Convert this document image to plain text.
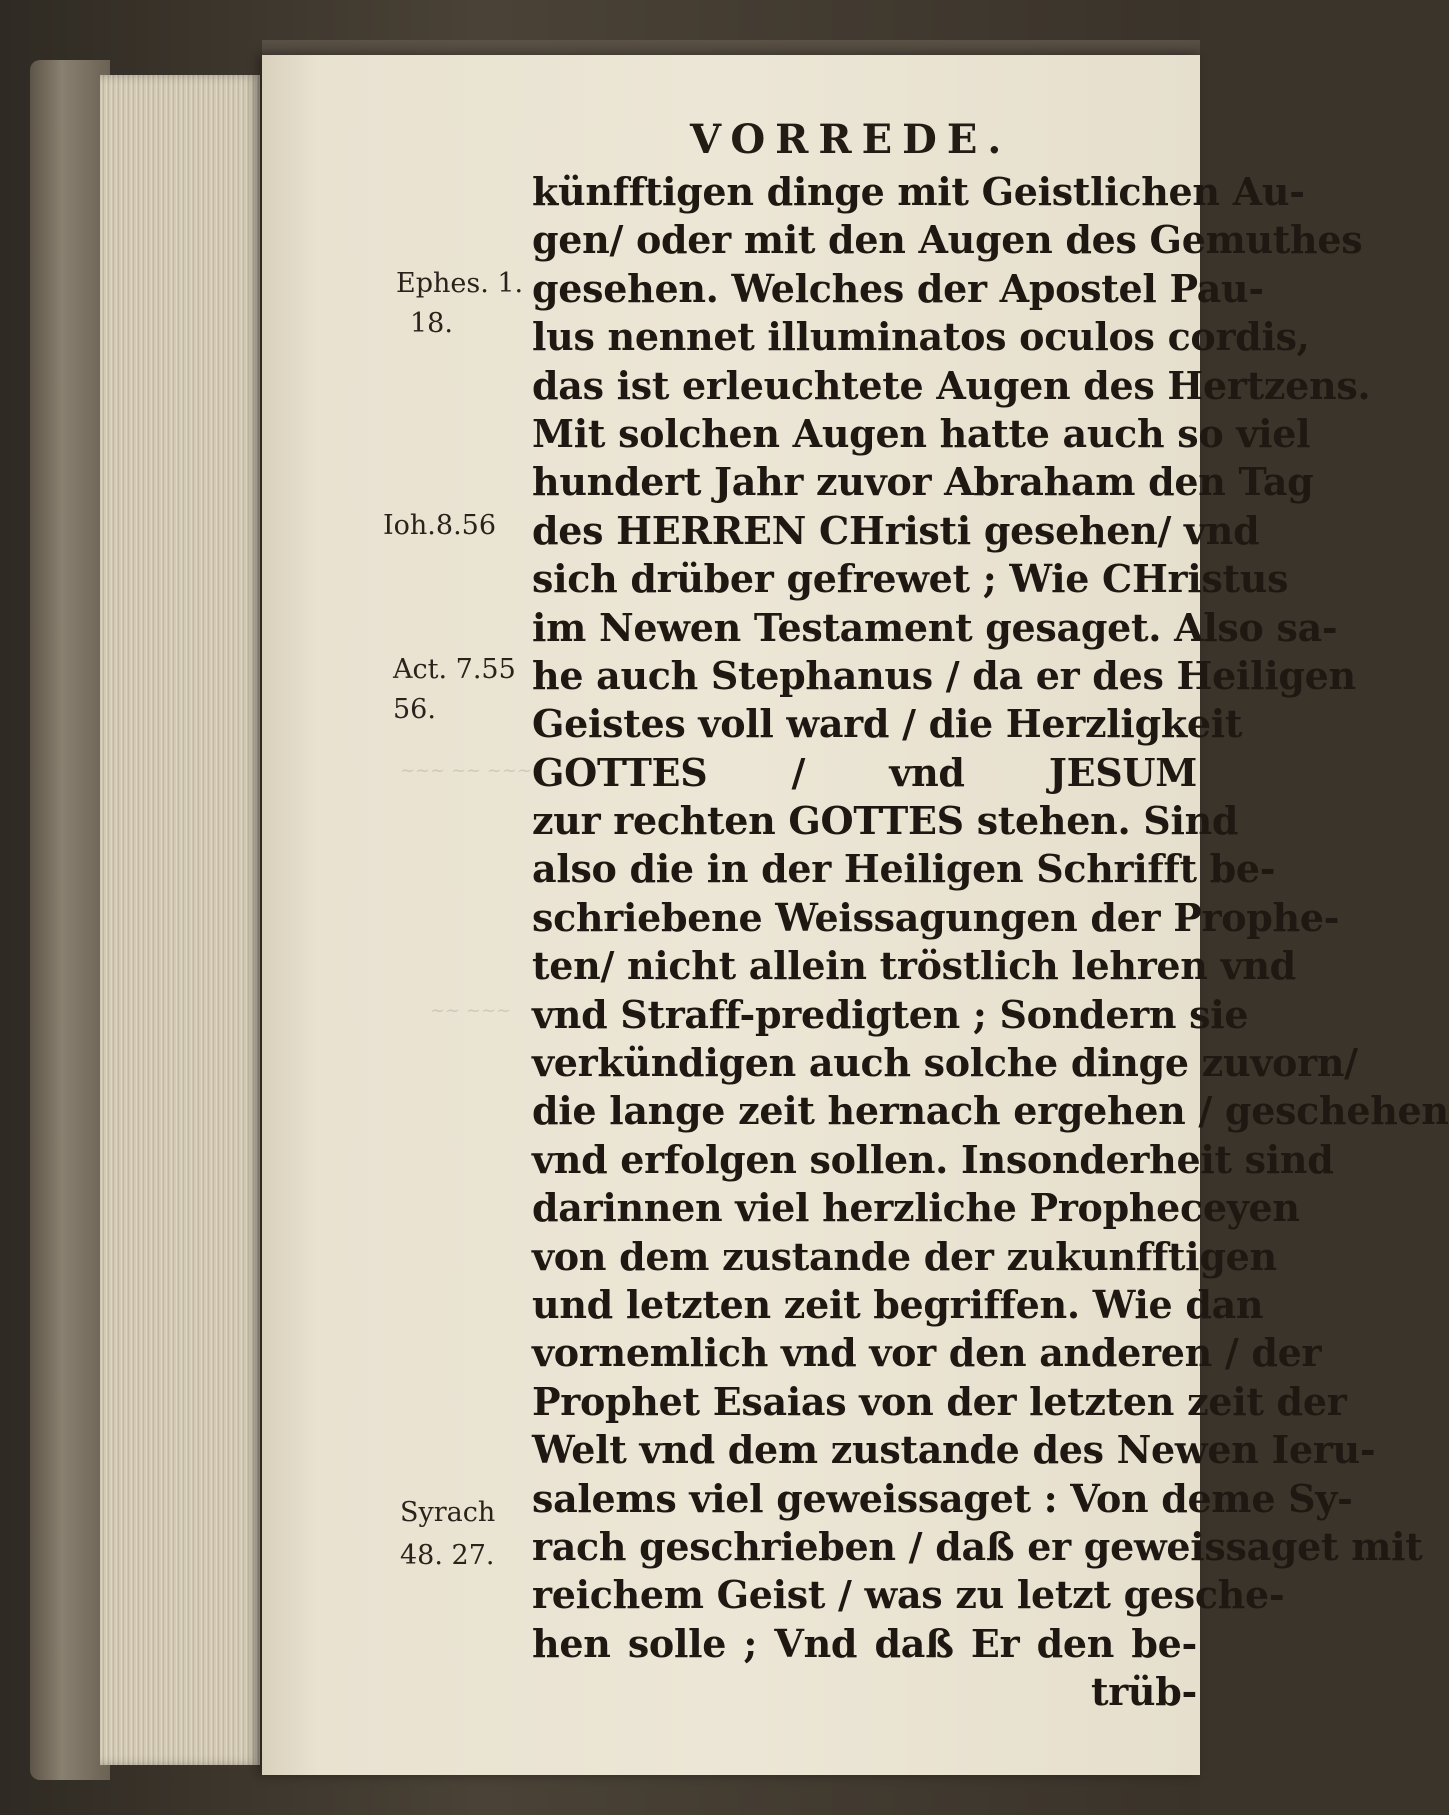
~~~ ~~ ~~~
~~ ~~~
VORREDE.
künfftigen dinge mit Geistlichen Au-
gen/ oder mit den Augen des Gemuthes
gesehen. Welches der Apostel Pau-
lus nennet illuminatos oculos cordis,
das ist erleuchtete Augen des Hertzens.
Mit solchen Augen hatte auch so viel
hundert Jahr zuvor Abraham den Tag
des HERREN CHristi gesehen/ vnd
sich drüber gefrewet ; Wie CHristus
im Newen Testament gesaget. Also sa-
he auch Stephanus / da er des Heiligen
Geistes voll ward / die Herzligkeit
GOTTES / vnd JESUM
zur rechten GOTTES stehen. Sind
also die in der Heiligen Schrifft be-
schriebene Weissagungen der Prophe-
ten/ nicht allein tröstlich lehren vnd
vnd Straff-predigten ; Sondern sie
verkündigen auch solche dinge zuvorn/
die lange zeit hernach ergehen / geschehen
vnd erfolgen sollen. Insonderheit sind
darinnen viel herzliche Propheceyen
von dem zustande der zukunfftigen
und letzten zeit begriffen. Wie dan
vornemlich vnd vor den anderen / der
Prophet Esaias von der letzten zeit der
Welt vnd dem zustande des Newen Ieru-
salems viel geweissaget : Von deme Sy-
rach geschrieben / daß er geweissaget mit
reichem Geist / was zu letzt gesche-
hen solle ; Vnd daß Er den be-
trüb-
Ephes. 1.
18.
Ioh.8.56
Act. 7.55
56.
Syrach
48. 27.
